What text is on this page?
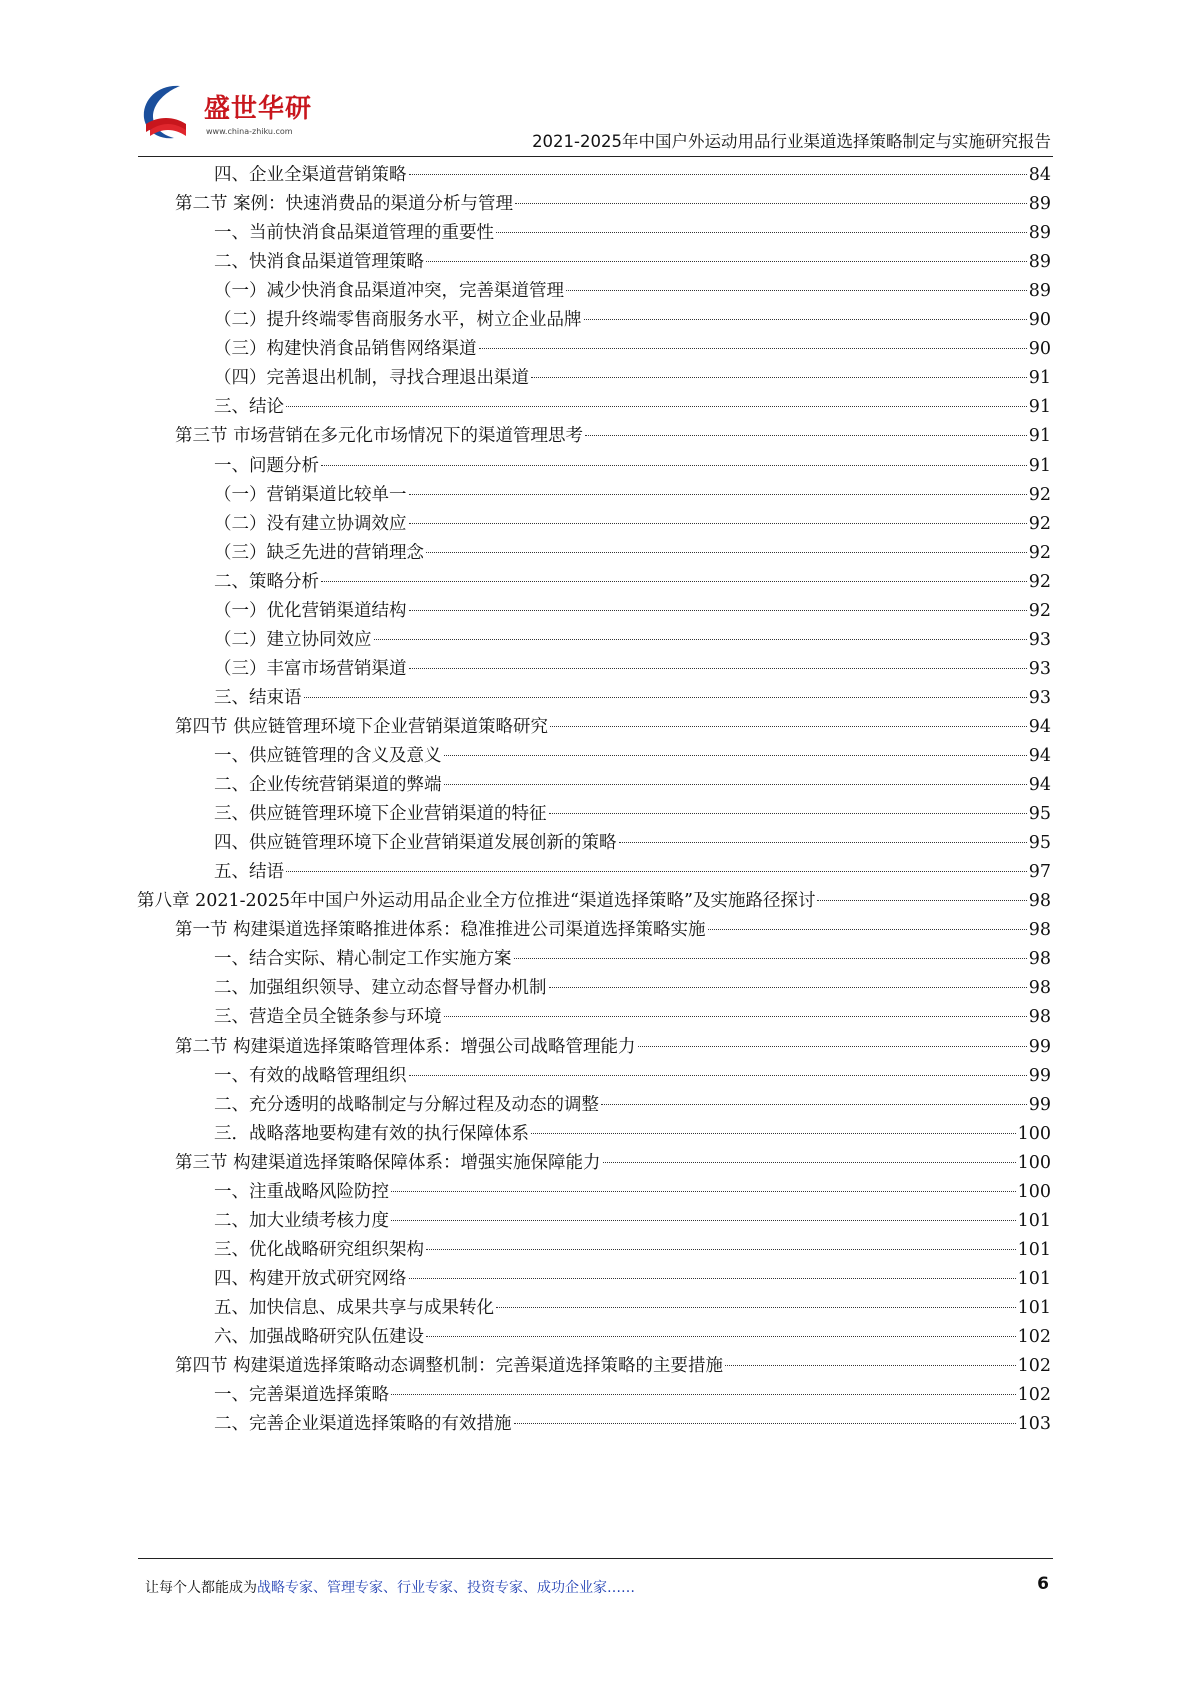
盛世华研
www.china-zhiku.com
2021-2025年中国户外运动用品行业渠道选择策略制定与实施研究报告
四、企业全渠道营销策略	84
第二节 案例：快速消费品的渠道分析与管理	89
一、当前快消食品渠道管理的重要性	89
二、快消食品渠道管理策略	89
（一）减少快消食品渠道冲突，完善渠道管理	89
（二）提升终端零售商服务水平，树立企业品牌	90
（三）构建快消食品销售网络渠道	90
（四）完善退出机制，寻找合理退出渠道	91
三、结论	91
第三节 市场营销在多元化市场情况下的渠道管理思考	91
一、问题分析	91
（一）营销渠道比较单一	92
（二）没有建立协调效应	92
（三）缺乏先进的营销理念	92
二、策略分析	92
（一）优化营销渠道结构	92
（二）建立协同效应	93
（三）丰富市场营销渠道	93
三、结束语	93
第四节 供应链管理环境下企业营销渠道策略研究	94
一、供应链管理的含义及意义	94
二、企业传统营销渠道的弊端	94
三、供应链管理环境下企业营销渠道的特征	95
四、供应链管理环境下企业营销渠道发展创新的策略	95
五、结语	97
第八章 2021-2025年中国户外运动用品企业全方位推进“渠道选择策略”及实施路径探讨	98
第一节 构建渠道选择策略推进体系：稳准推进公司渠道选择策略实施	98
一、结合实际、精心制定工作实施方案	98
二、加强组织领导、建立动态督导督办机制	98
三、营造全员全链条参与环境	98
第二节 构建渠道选择策略管理体系：增强公司战略管理能力	99
一、有效的战略管理组织	99
二、充分透明的战略制定与分解过程及动态的调整	99
三．战略落地要构建有效的执行保障体系	100
第三节 构建渠道选择策略保障体系：增强实施保障能力	100
一、注重战略风险防控	100
二、加大业绩考核力度	101
三、优化战略研究组织架构	101
四、构建开放式研究网络	101
五、加快信息、成果共享与成果转化	101
六、加强战略研究队伍建设	102
第四节 构建渠道选择策略动态调整机制：完善渠道选择策略的主要措施	102
一、完善渠道选择策略	102
二、完善企业渠道选择策略的有效措施	103
让每个人都能成为战略专家、管理专家、行业专家、投资专家、成功企业家……	6
